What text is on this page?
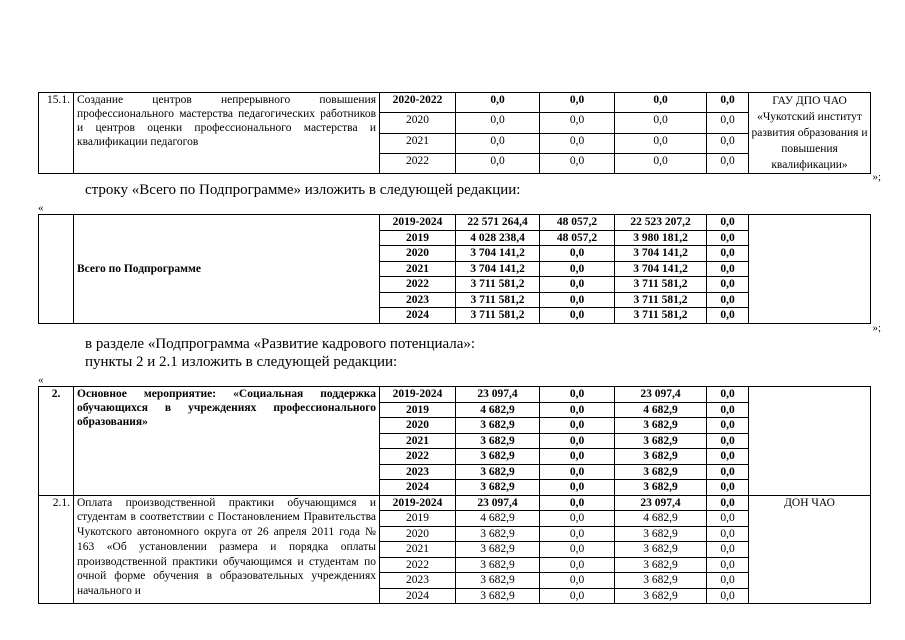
15.1.	Создание центров непрерывного повышения профессионального мастерства педагогических работников и центров оценки профессионального мастерства и квалификации педагогов	2020-2022	0,0	0,0	0,0	0,0	ГАУ ДПО ЧАО «Чукотский институт развития образования и повышения квалификации»
		2020	0,0	0,0	0,0	0,0	
		2021	0,0	0,0	0,0	0,0	
		2022	0,0	0,0	0,0	0,0	
»;
строку «Всего по Подпрограмме» изложить в следующей редакции:
«
	Всего по Подпрограмме	2019-2024	22 571 264,4	48 057,2	22 523 207,2	0,0	
		2019	4 028 238,4	48 057,2	3 980 181,2	0,0	
		2020	3 704 141,2	0,0	3 704 141,2	0,0	
		2021	3 704 141,2	0,0	3 704 141,2	0,0	
		2022	3 711 581,2	0,0	3 711 581,2	0,0	
		2023	3 711 581,2	0,0	3 711 581,2	0,0	
		2024	3 711 581,2	0,0	3 711 581,2	0,0	
»;
в разделе «Подпрограмма «Развитие кадрового потенциала»:
пункты 2 и 2.1 изложить в следующей редакции:
«
2.	Основное мероприятие: «Социальная поддержка обучающихся в учреждениях профессионального образования»	2019-2024	23 097,4	0,0	23 097,4	0,0	
		2019	4 682,9	0,0	4 682,9	0,0	
		2020	3 682,9	0,0	3 682,9	0,0	
		2021	3 682,9	0,0	3 682,9	0,0	
		2022	3 682,9	0,0	3 682,9	0,0	
		2023	3 682,9	0,0	3 682,9	0,0	
		2024	3 682,9	0,0	3 682,9	0,0	
2.1.	Оплата производственной практики обучающимся и студентам в соответствии с Постановлением Правительства Чукотского автономного округа от 26 апреля 2011 года № 163 «Об установлении размера и порядка оплаты производственной практики обучающимся и студентам по очной форме обучения в образовательных учреждениях начального и	2019-2024	23 097,4	0,0	23 097,4	0,0	ДОН ЧАО
		2019	4 682,9	0,0	4 682,9	0,0	
		2020	3 682,9	0,0	3 682,9	0,0	
		2021	3 682,9	0,0	3 682,9	0,0	
		2022	3 682,9	0,0	3 682,9	0,0	
		2023	3 682,9	0,0	3 682,9	0,0	
		2024	3 682,9	0,0	3 682,9	0,0	
